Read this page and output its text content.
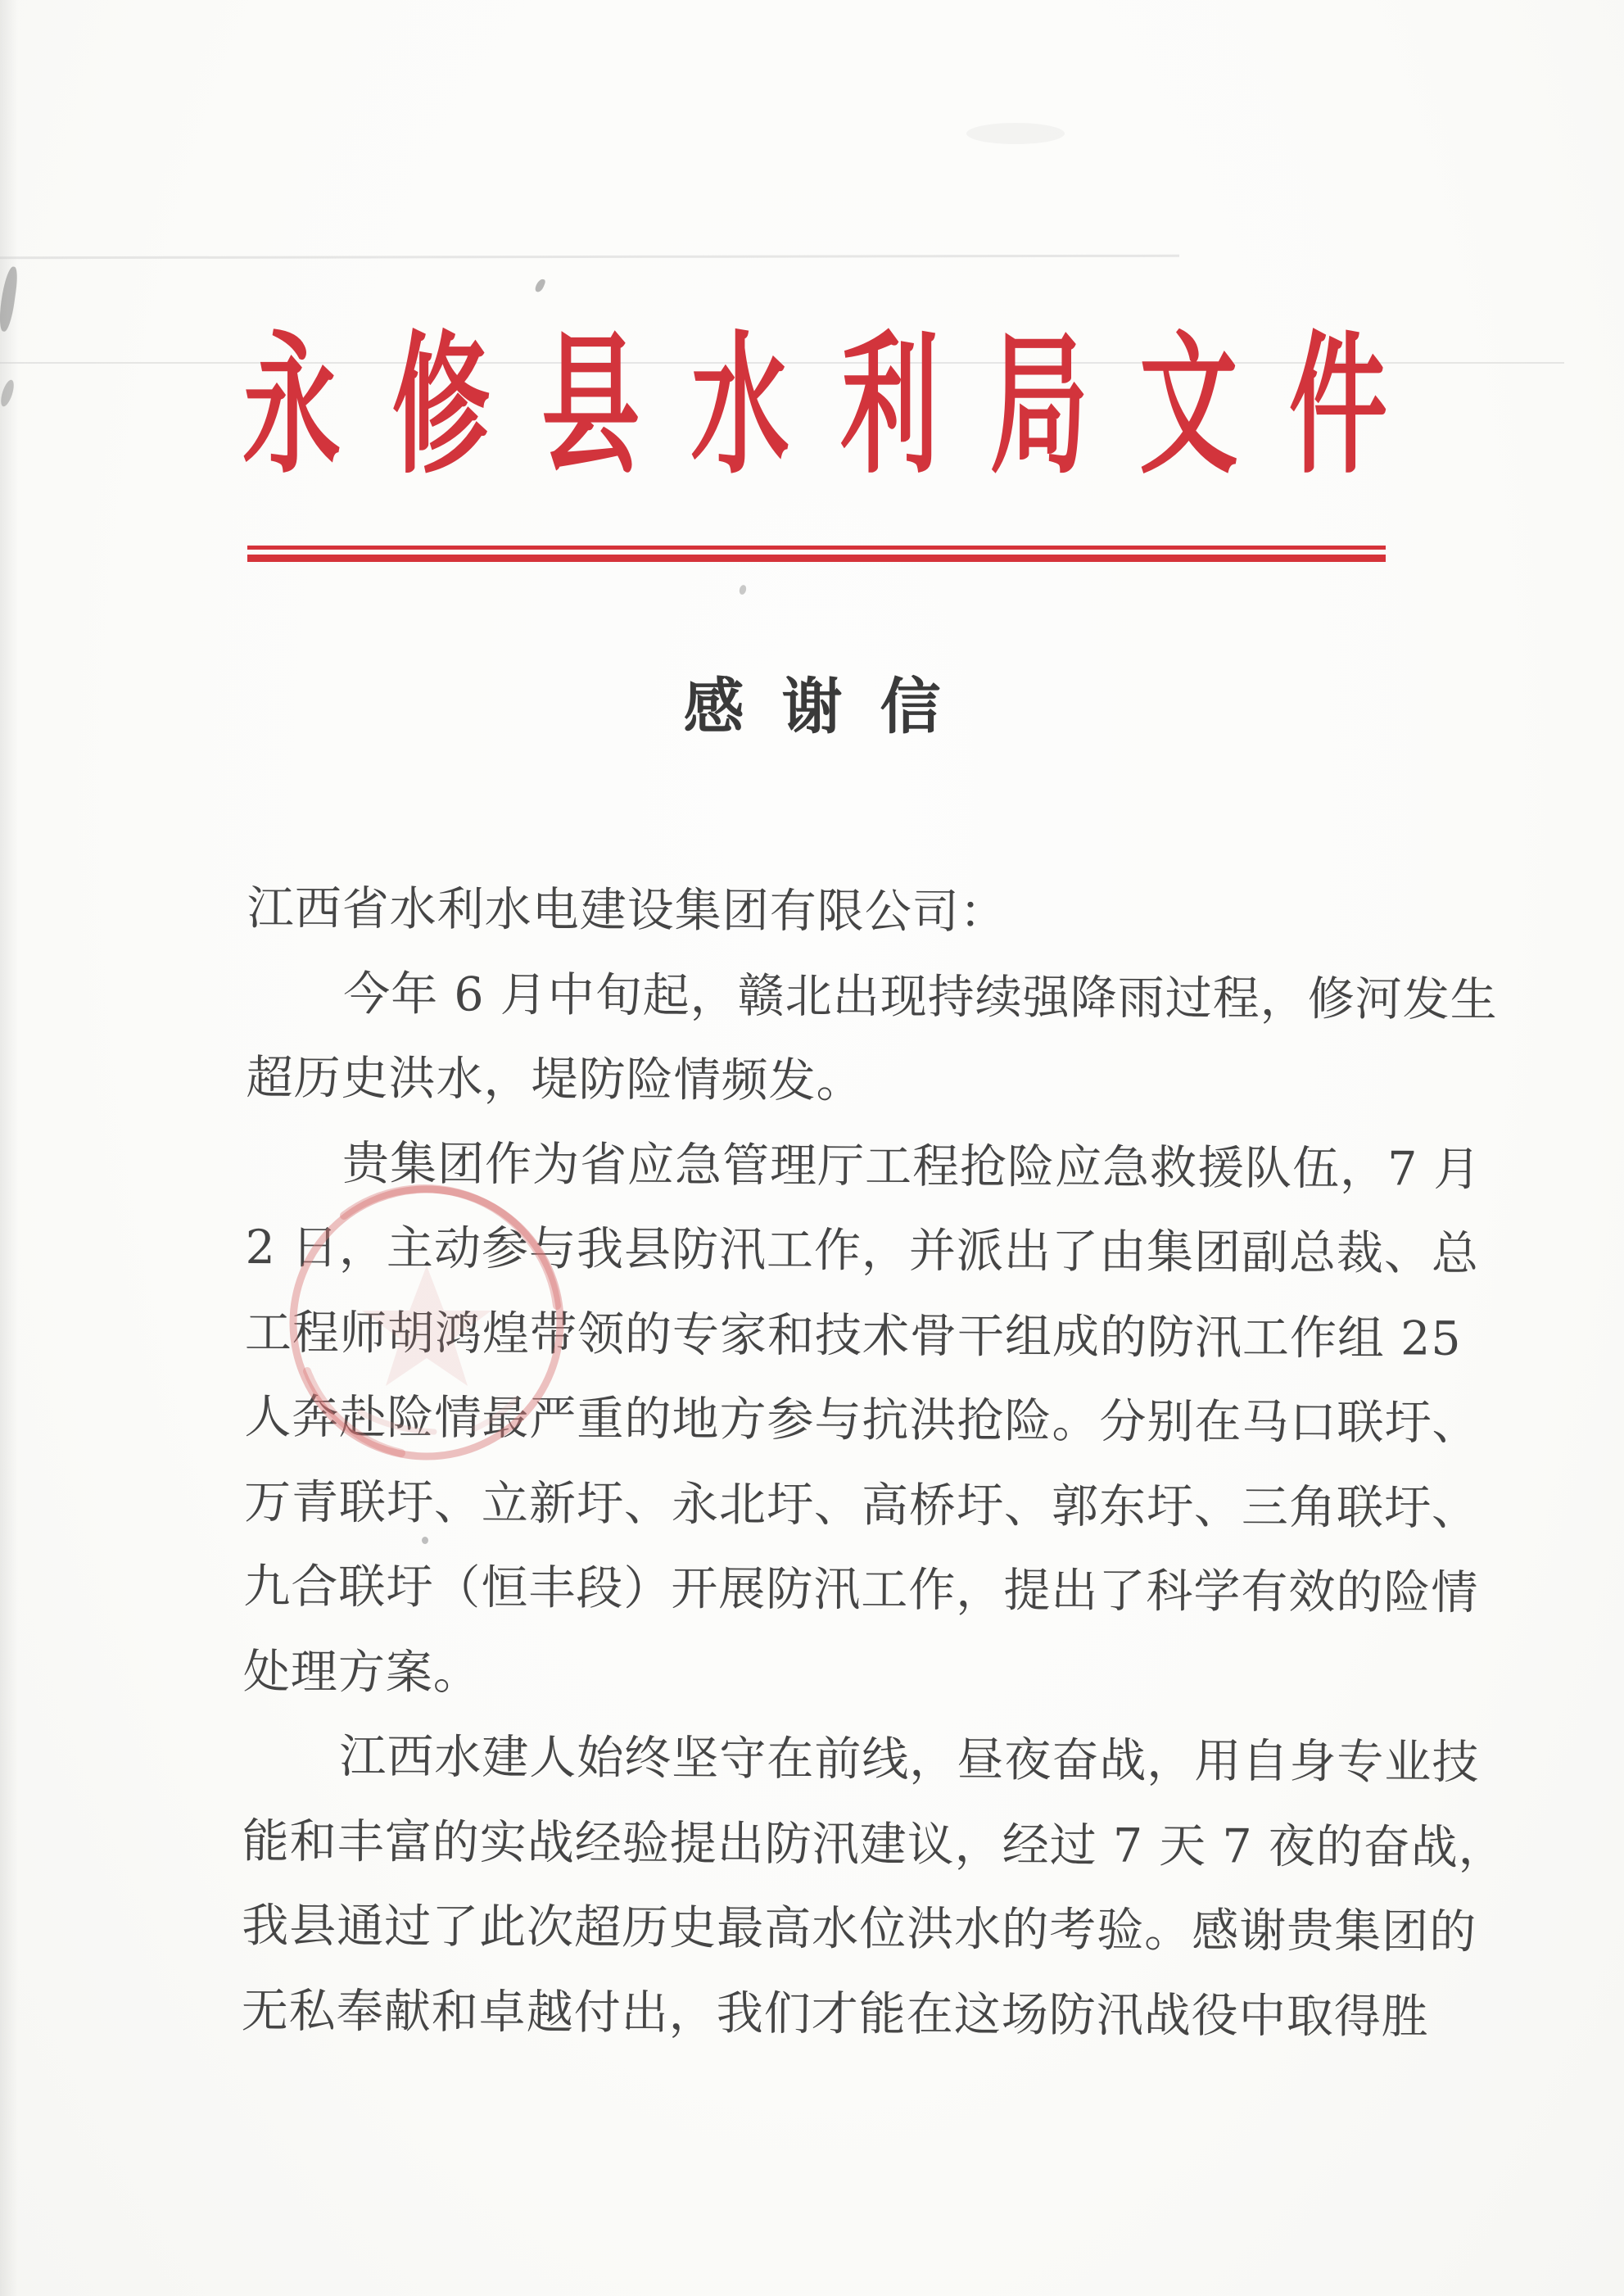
永 修 县 水 利 局 文 件
感谢信
江西省水利水电建设集团有限公司：
今年 6 月中旬起，赣北出现持续强降雨过程，修河发生
超历史洪水，堤防险情频发。
贵集团作为省应急管理厅工程抢险应急救援队伍，7 月
2 日，主动参与我县防汛工作，并派出了由集团副总裁、总
工程师胡鸿煌带领的专家和技术骨干组成的防汛工作组 25
人奔赴险情最严重的地方参与抗洪抢险。分别在马口联圩、
万青联圩、立新圩、永北圩、高桥圩、郭东圩、三角联圩、
九合联圩（恒丰段）开展防汛工作，提出了科学有效的险情
处理方案。
江西水建人始终坚守在前线，昼夜奋战，用自身专业技
能和丰富的实战经验提出防汛建议，经过 7 天 7 夜的奋战，
我县通过了此次超历史最高水位洪水的考验。感谢贵集团的
无私奉献和卓越付出，我们才能在这场防汛战役中取得胜
